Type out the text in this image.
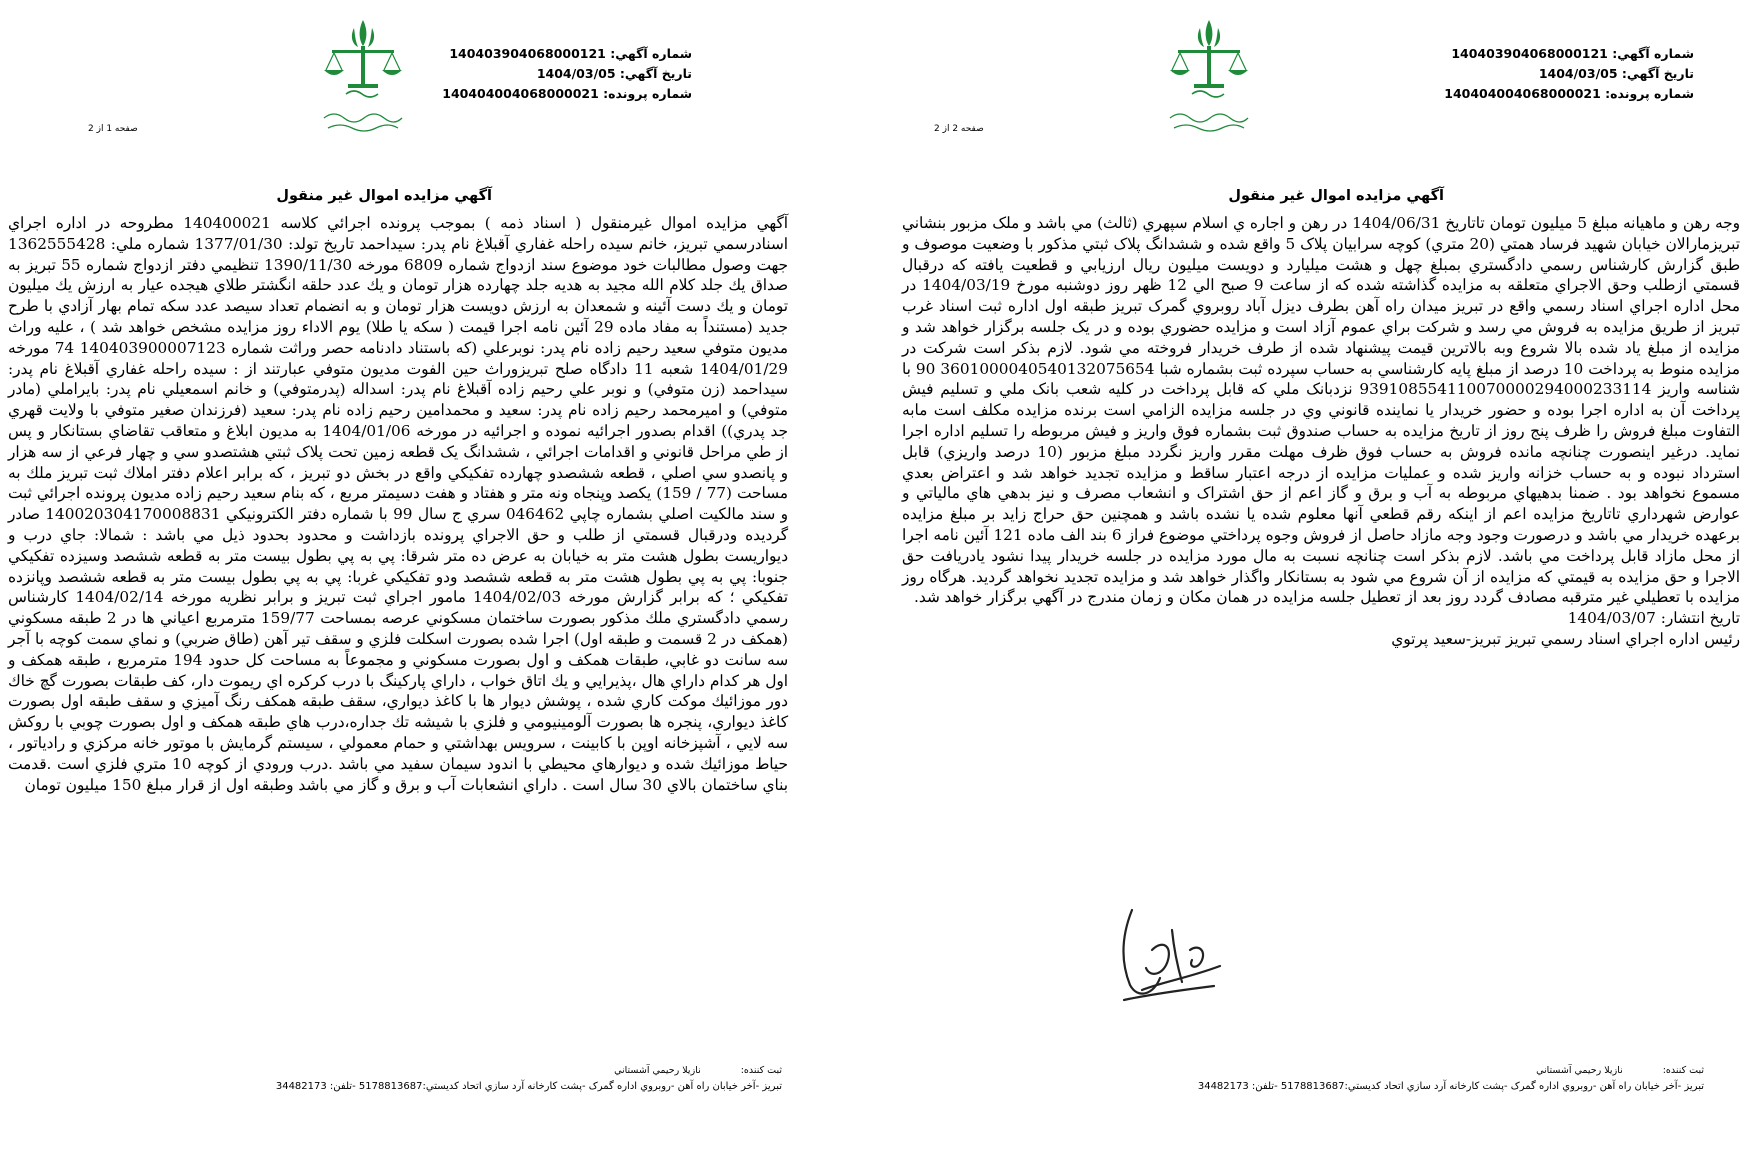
شماره آگهي: 140403904068000121
تاريخ آگهي: 1404/03/05
شماره پرونده: 140404004068000021
صفحه 2 از 2
آگهي مزايده اموال غير منقول

وجه رهن و ماهيانه مبلغ 5 ميليون تومان تاتاريخ 1404/06/31 در رهن و اجاره ي اسلام سپهري (ثالث) مي باشد و ملک مزبور بنشاني تبريزمارالان خيابان شهيد فرساد همتي (20 متري) كوچه سرابيان پلاک 5 واقع شده و ششدانگ پلاک ثبتي مذكور با وضعيت موصوف و طبق گزارش كارشناس رسمي دادگستري بمبلغ چهل و هشت ميليارد و دويست ميليون ريال ارزيابي و قطعيت يافته كه درقبال قسمتي ازطلب وحق الاجراي متعلقه به مزايده گذاشته شده كه از ساعت 9 صبح الي 12 ظهر روز دوشنبه مورخ 1404/03/19 در محل اداره اجراي اسناد رسمي واقع در تبريز ميدان راه آهن بطرف ديزل آباد روبروي گمرک تبريز طبقه اول اداره ثبت اسناد غرب تبريز از طريق مزايده به فروش مي رسد و شركت براي عموم آزاد است و مزايده حضوري بوده و در يک جلسه برگزار خواهد شد و مزايده از مبلغ ياد شده بالا شروع وبه بالاترين قيمت پيشنهاد شده از طرف خريدار فروخته مي شود. لازم بذكر است شركت در مزايده منوط به پرداخت 10 درصد از مبلغ پايه كارشناسي به حساب سپرده ثبت بشماره شبا 3601000040540132075654 90 با شناسه واريز 939108554110070000294000233114 نزدبانک ملي كه قابل پرداخت در كليه شعب بانک ملي و تسليم فيش پرداخت آن به اداره اجرا بوده و حضور خريدار يا نماينده قانوني وي در جلسه مزايده الزامي است برنده مزايده مكلف است مابه التفاوت مبلغ فروش را ظرف پنج روز از تاريخ مزايده به حساب صندوق ثبت بشماره فوق واريز و فيش مربوطه را تسليم اداره اجرا نمايد. درغير اينصورت چنانچه مانده فروش به حساب فوق ظرف مهلت مقرر واريز نگردد مبلغ مزبور (10 درصد واريزي) قابل استرداد نبوده و به حساب خزانه واريز شده و عمليات مزايده از درجه اعتبار ساقط و مزايده تجديد خواهد شد و اعتراض بعدي مسموع نخواهد بود . ضمنا بدهيهاي مربوطه به آب و برق و گاز اعم از حق اشتراک و انشعاب مصرف و نيز بدهي هاي مالياتي و عوارض شهرداري تاتاريخ مزايده اعم از اينكه رقم قطعي آنها معلوم شده يا نشده باشد و همچنين حق حراج زايد بر مبلغ مزايده برعهده خريدار مي باشد و درصورت وجود وجه مازاد حاصل از فروش وجوه پرداختي موضوع فراز 6 بند الف ماده 121 آئين نامه اجرا از محل مازاد قابل پرداخت مي باشد. لازم بذكر است چنانچه نسبت به مال مورد مزايده در جلسه خريدار پيدا نشود يادريافت حق الاجرا و حق مزايده به قيمتي كه مزايده از آن شروع مي شود به بستانكار واگذار خواهد شد و مزايده تجديد نخواهد گرديد. هرگاه روز مزايده با تعطيلي غير مترقبه مصادف گردد روز بعد از تعطيل جلسه مزايده در همان مكان و زمان مندرج در آگهي برگزار خواهد شد.

تاريخ انتشار: 1404/03/07

رئيس اداره اجراي اسناد رسمي تبريز تبريز-سعيد پرتوي

ثبت كننده:
نازيلا رحيمي آشستاني
تبريز -آخر خيابان راه آهن -روبروي اداره گمرک -پشت كارخانه آرد سازي اتحاد كديستي:5178813687 -تلفن: 34482173
شماره آگهي: 140403904068000121
تاريخ آگهي: 1404/03/05
شماره پرونده: 140404004068000021
صفحه 1 از 2
آگهي مزايده اموال غير منقول

آگهي مزايده اموال غيرمنقول ( اسناد ذمه ) بموجب پرونده اجرائي كلاسه 140400021 مطروحه در اداره اجراي اسنادرسمي تبريز، خانم سيده راحله غفاري آقبلاغ نام پدر: سيداحمد تاريخ تولد: 1377/01/30 شماره ملي: 1362555428 جهت وصول مطالبات خود موضوع سند ازدواج شماره 6809 مورخه 1390/11/30 تنظيمي دفتر ازدواج شماره 55 تبريز به صداق يك جلد كلام الله مجيد به هديه جلد چهارده هزار تومان و يك عدد حلقه انگشتر طلاي هيجده عيار به ارزش يك ميليون تومان و يك دست آئينه و شمعدان به ارزش دويست هزار تومان و به انضمام تعداد سيصد عدد سكه تمام بهار آزادي با طرح جديد (مستنداً به مفاد ماده 29 آئين نامه اجرا قيمت ( سكه يا طلا) يوم الاداء روز مزايده مشخص خواهد شد ) ، عليه وراث مديون متوفي سعيد رحيم زاده نام پدر: نوبرعلي (كه باستناد دادنامه حصر وراثت شماره 140403900007123 74 مورخه 1404/01/29 شعبه 11 دادگاه صلح تبريزوراث حين الفوت مديون متوفي عبارتند از : سيده راحله غفاري آقبلاغ نام پدر: سيداحمد (زن متوفي) و نوبر علي رحيم زاده آقبلاغ نام پدر: اسداله (پدرمتوفي) و خانم اسمعيلي نام پدر: بايراملي (مادر متوفي) و اميرمحمد رحيم زاده نام پدر: سعيد و محمدامين رحيم زاده نام پدر: سعيد (فرزندان صغير متوفي با ولايت قهري جد پدري)) اقدام بصدور اجرائيه نموده و اجرائيه در مورخه 1404/01/06 به مديون ابلاغ و متعاقب تقاضاي بستانكار و پس از طي مراحل قانوني و اقدامات اجرائي ، ششدانگ يک قطعه زمين تحت پلاک ثبتي هشتصدو سي و چهار فرعي از سه هزار و پانصدو سي اصلي ، قطعه ششصدو چهارده تفكيكي واقع در بخش دو تبريز ، كه برابر اعلام دفتر املاك ثبت تبريز ملك به مساحت (77 / 159) يكصد وپنجاه ونه متر و هفتاد و هفت دسيمتر مربع ، كه بنام سعيد رحيم زاده مديون پرونده اجرائي ثبت و سند مالكيت اصلي بشماره چاپي 046462 سري ج سال 99 با شماره دفتر الكترونيكي 140020304170008831 صادر گرديده ودرقبال قسمتي از طلب و حق الاجراي پرونده بازداشت و محدود بحدود ذيل مي باشد : شمالا: جاي درب و ديواريست بطول هشت متر به خيابان به عرض ده متر شرقا: پي به پي بطول بيست متر به قطعه ششصد وسيزده تفكيكي جنوبا: پي به پي بطول هشت متر به قطعه ششصد ودو تفكيكي غربا: پي به پي بطول بيست متر به قطعه ششصد وپانزده تفكيكي ؛ كه برابر گزارش مورخه 1404/02/03 مامور اجراي ثبت تبريز و برابر نظريه مورخه 1404/02/14 كارشناس رسمي دادگستري ملك مذكور بصورت ساختمان مسكوني عرصه بمساحت 159/77 مترمربع اعياني ها در 2 طبقه مسكوني (همكف در 2 قسمت و طبقه اول) اجرا شده بصورت اسكلت فلزي و سقف تير آهن (طاق ضربي) و نماي سمت كوچه با آجر سه سانت دو غابي، طبقات همكف و اول بصورت مسكوني و مجموعاً به مساحت كل حدود 194 مترمربع ، طبقه همكف و اول هر كدام داراي هال ،پذيرايي و يك اتاق خواب ، داراي پاركينگ با درب كركره اي ريموت دار، كف طبقات بصورت گچ خاك دور موزائيك موكت كاري شده ، پوشش ديوار ها با كاغذ ديواري، سقف طبقه همكف رنگ آميزي و سقف طبقه اول بصورت كاغذ ديواري، پنجره ها بصورت آلومينيومي و فلزي با شيشه تك جداره،درب هاي طبقه همكف و اول بصورت چوبي با روكش سه لايي ، آشپزخانه اوپن با كابينت ، سرويس بهداشتي و حمام معمولي ، سيستم گرمايش با موتور خانه مركزي و رادياتور ، حياط موزائيك شده و ديوارهاي محيطي با اندود سيمان سفيد مي باشد .درب ورودي از كوچه 10 متري فلزي است .قدمت بناي ساختمان بالاي 30 سال است . داراي انشعابات آب و برق و گاز مي باشد وطبقه اول از قرار مبلغ 150 ميليون تومان

ثبت كننده:
نازيلا رحيمي آشستاني
تبريز -آخر خيابان راه آهن -روبروي اداره گمرک -پشت كارخانه آرد سازي اتحاد كديستي:5178813687 -تلفن: 34482173
